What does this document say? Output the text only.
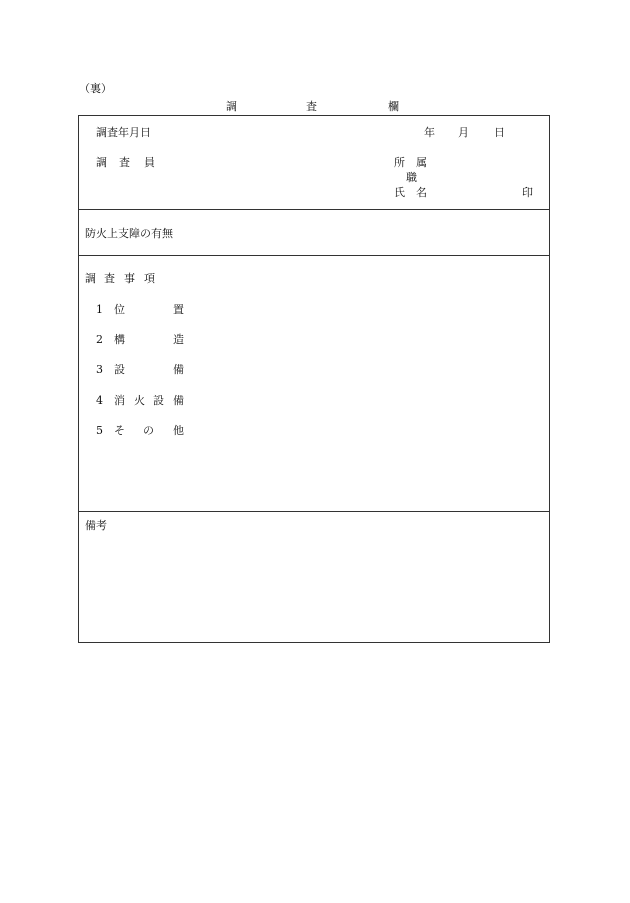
（裏）
調	査	欄
調査年月日	年 月 日
調 査 員	所 属
職
氏 名	印
防火上支障の有無
調 査 事 項
1 位	置
2 構	造
3 設	備
4 消 火 設 備
5 そ の 他
備考
